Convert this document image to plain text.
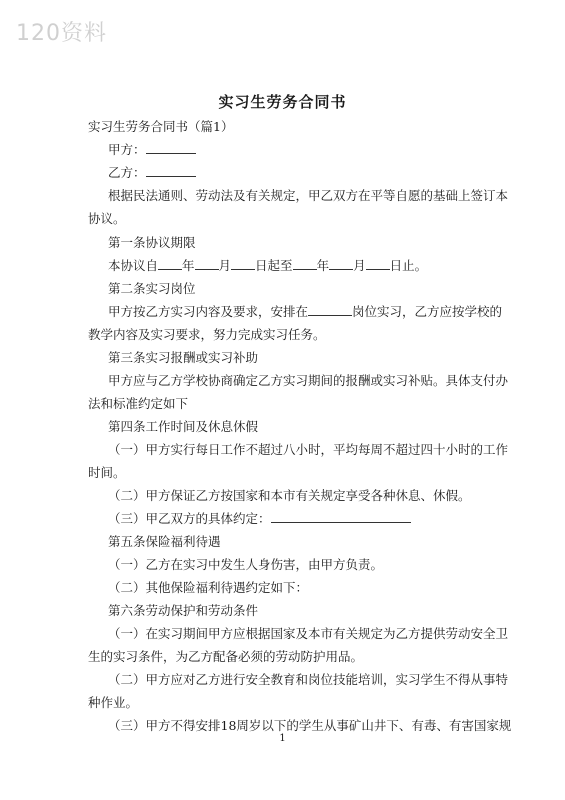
120资料
实习生劳务合同书
实习生劳务合同书（篇1）
甲方：
乙方：
根据民法通则、劳动法及有关规定，甲乙双方在平等自愿的基础上签订本
协议。
第一条协议期限
本协议自 年 月 日起至 年 月 日止。
第二条实习岗位
甲方按乙方实习内容及要求，安排在	岗位实习，乙方应按学校的
教学内容及实习要求，努力完成实习任务。
第三条实习报酬或实习补助
甲方应与乙方学校协商确定乙方实习期间的报酬或实习补贴。具体支付办
法和标准约定如下
第四条工作时间及休息休假
（一）甲方实行每日工作不超过八小时，平均每周不超过四十小时的工作
时间。
（二）甲方保证乙方按国家和本市有关规定享受各种休息、休假。
（三）甲乙双方的具体约定：
第五条保险福利待遇
（一）乙方在实习中发生人身伤害，由甲方负责。
（二）其他保险福利待遇约定如下：
第六条劳动保护和劳动条件
（一）在实习期间甲方应根据国家及本市有关规定为乙方提供劳动安全卫
生的实习条件，为乙方配备必须的劳动防护用品。
（二）甲方应对乙方进行安全教育和岗位技能培训，实习学生不得从事特
种作业。
（三）甲方不得安排18周岁以下的学生从事矿山井下、有毒、有害国家规
1
